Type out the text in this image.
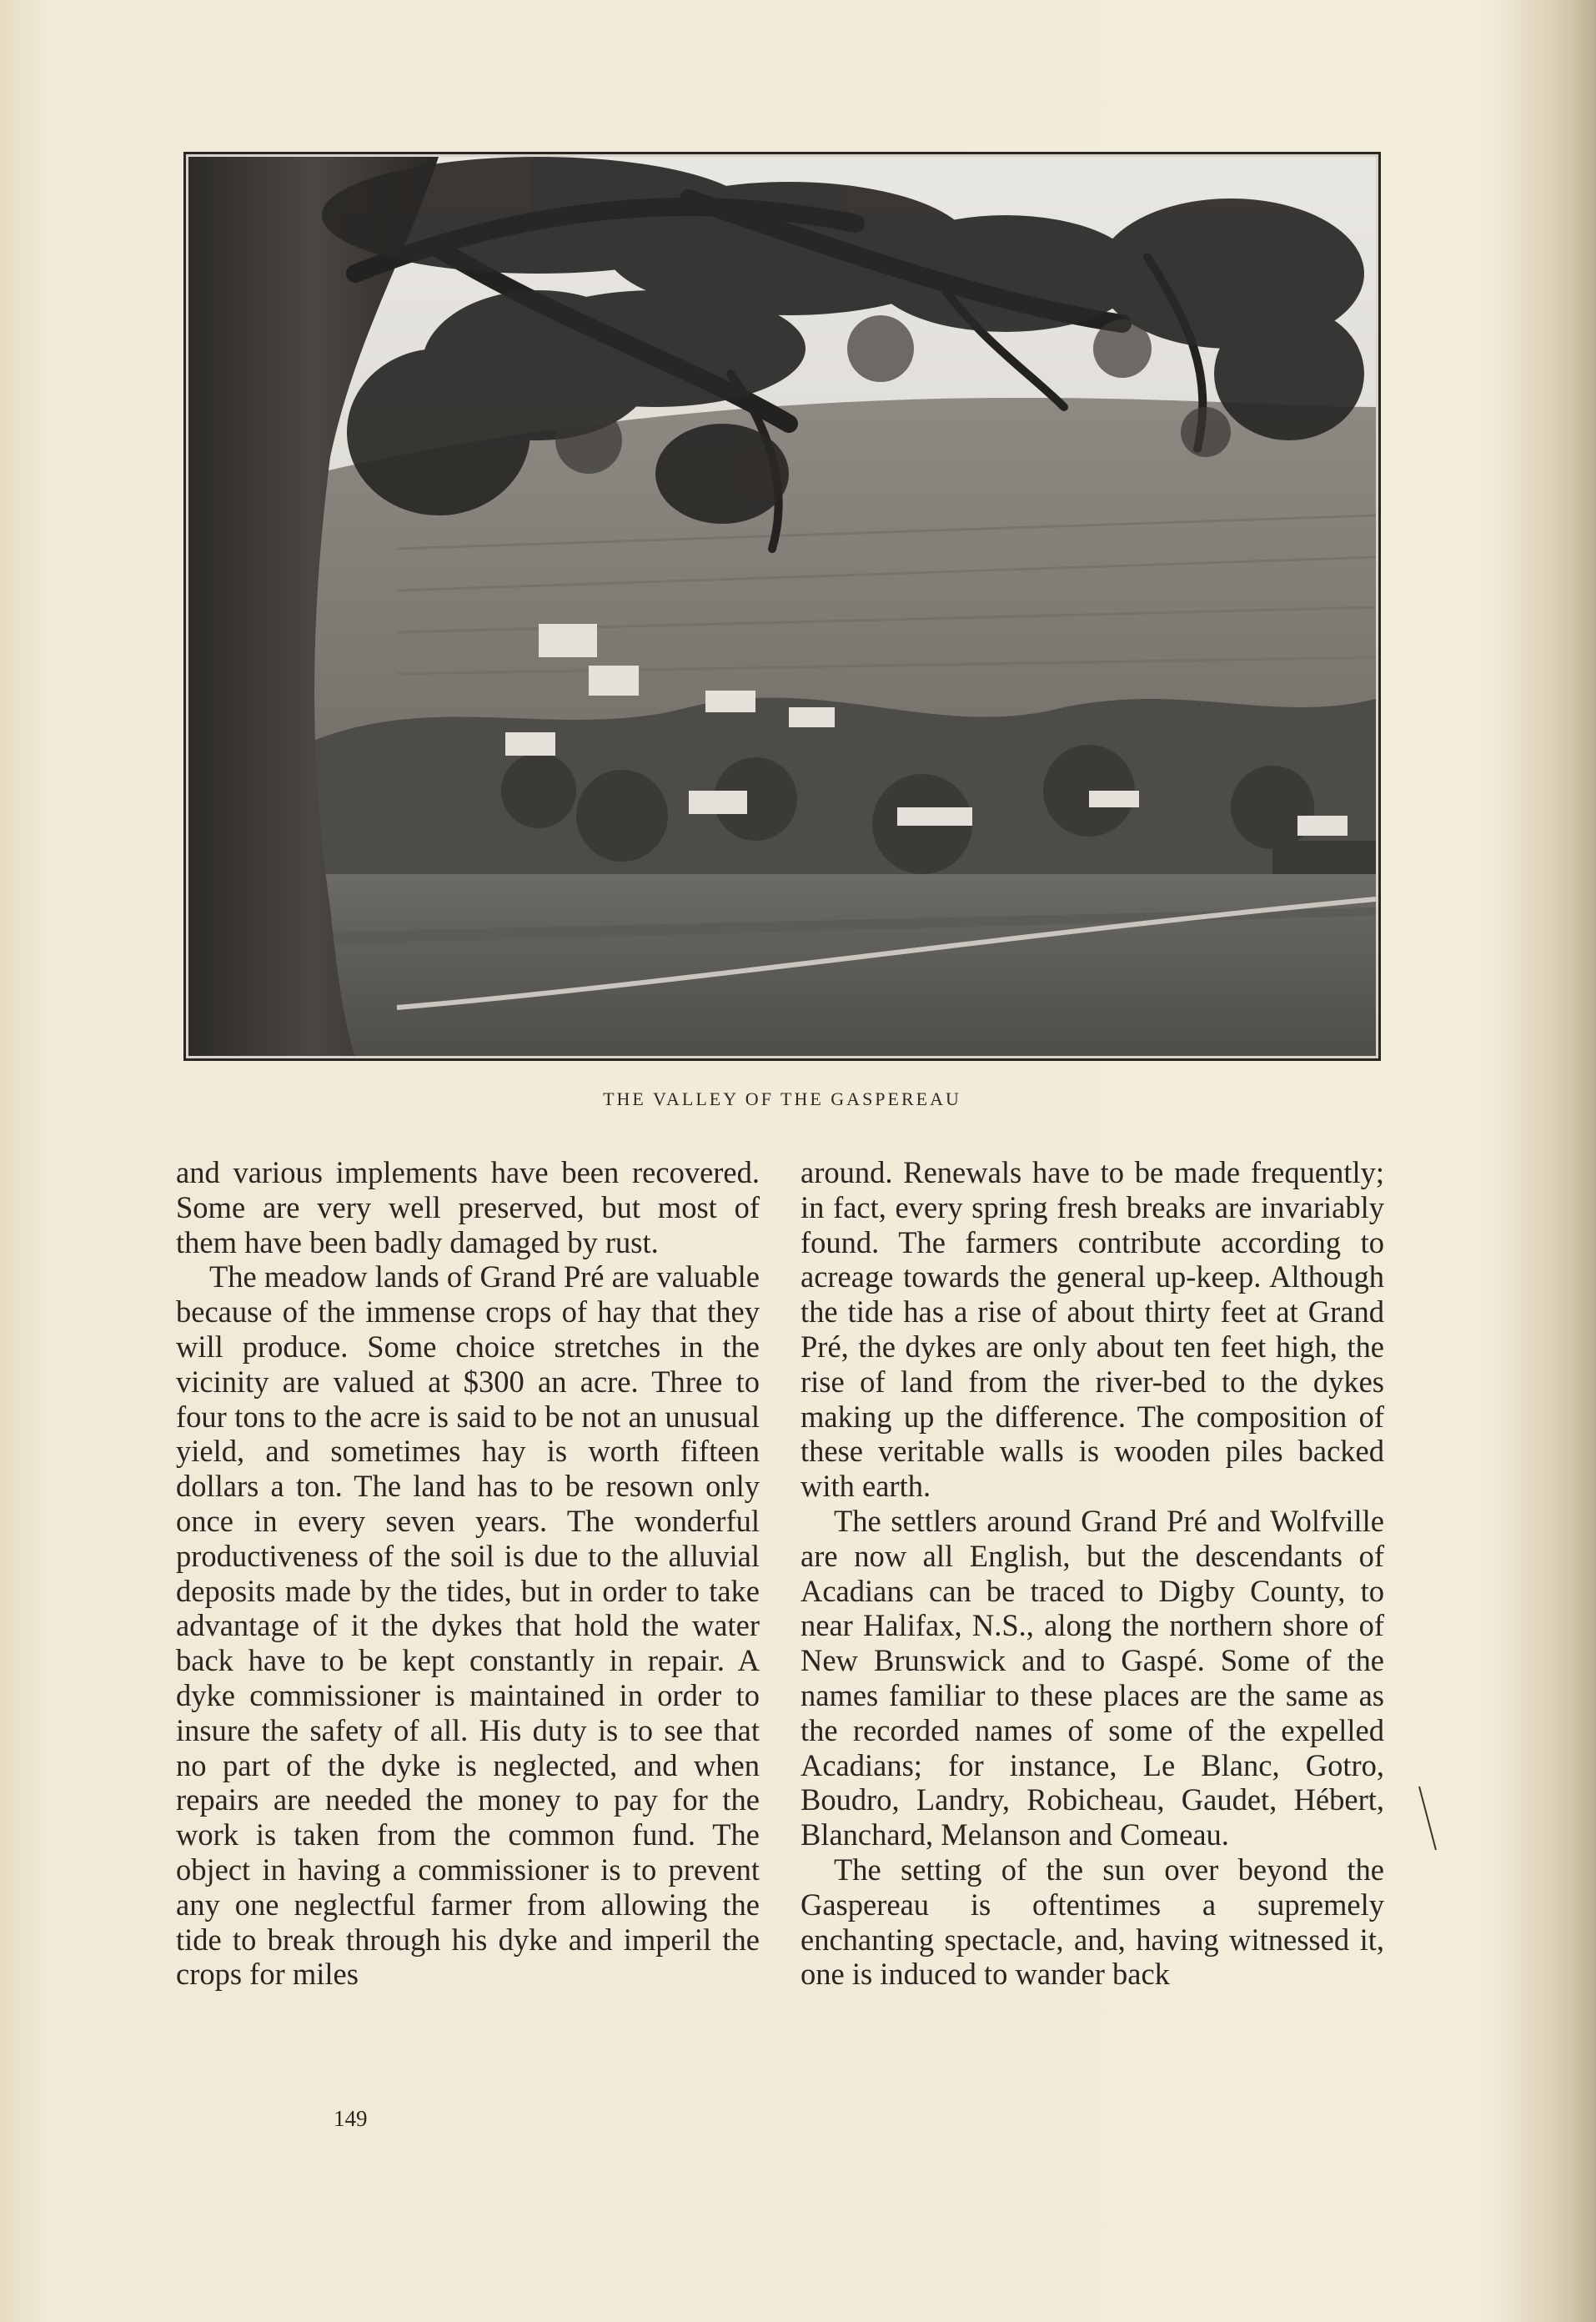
THE VALLEY OF THE GASPEREAU

and various implements have been recovered. Some are very well preserved, but most of them have been badly damaged by rust.

The meadow lands of Grand Pré are valuable because of the immense crops of hay that they will produce. Some choice stretches in the vicinity are valued at $300 an acre. Three to four tons to the acre is said to be not an unusual yield, and sometimes hay is worth fifteen dollars a ton. The land has to be resown only once in every seven years. The wonderful productiveness of the soil is due to the alluvial deposits made by the tides, but in order to take advantage of it the dykes that hold the water back have to be kept constantly in repair. A dyke commissioner is maintained in order to insure the safety of all. His duty is to see that no part of the dyke is neglected, and when repairs are needed the money to pay for the work is taken from the common fund. The object in having a commissioner is to prevent any one neglectful farmer from allowing the tide to break through his dyke and imperil the crops for miles

around. Renewals have to be made frequently; in fact, every spring fresh breaks are invariably found. The farmers contribute according to acreage towards the general up-keep. Although the tide has a rise of about thirty feet at Grand Pré, the dykes are only about ten feet high, the rise of land from the river-bed to the dykes making up the difference. The composition of these veritable walls is wooden piles backed with earth.

The settlers around Grand Pré and Wolfville are now all English, but the descendants of Acadians can be traced to Digby County, to near Halifax, N.S., along the northern shore of New Brunswick and to Gaspé. Some of the names familiar to these places are the same as the recorded names of some of the expelled Acadians; for instance, Le Blanc, Gotro, Boudro, Landry, Robicheau, Gaudet, Hébert, Blanchard, Melanson and Comeau.

The setting of the sun over beyond the Gaspereau is oftentimes a supremely enchanting spectacle, and, having witnessed it, one is induced to wander back

149
